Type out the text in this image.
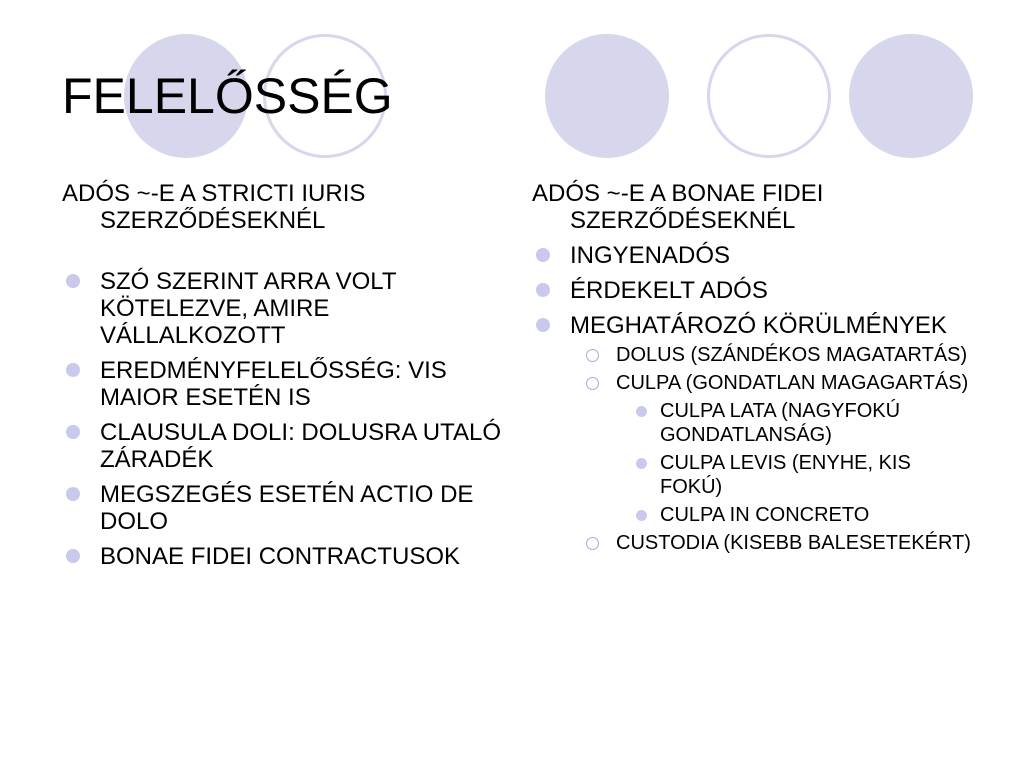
FELELŐSSÉG

ADÓS ~-E A STRICTI IURIS SZERZŐDÉSEKNÉL

SZÓ SZERINT ARRA VOLT KÖTELEZVE, AMIRE VÁLLALKOZOTT

EREDMÉNYFELELŐSSÉG: VIS MAIOR ESETÉN IS

CLAUSULA DOLI: DOLUSRA UTALÓ ZÁRADÉK

MEGSZEGÉS ESETÉN ACTIO DE DOLO

BONAE FIDEI CONTRACTUSOK

ADÓS ~-E A BONAE FIDEI SZERZŐDÉSEKNÉL

INGYENADÓS

ÉRDEKELT ADÓS

MEGHATÁROZÓ KÖRÜLMÉNYEK

DOLUS (SZÁNDÉKOS MAGATARTÁS)

CULPA (GONDATLAN MAGAGARTÁS)

CULPA LATA (NAGYFOKÚ GONDATLANSÁG)

CULPA LEVIS (ENYHE, KIS FOKÚ)

CULPA IN CONCRETO

CUSTODIA (KISEBB BALESETEKÉRT)
